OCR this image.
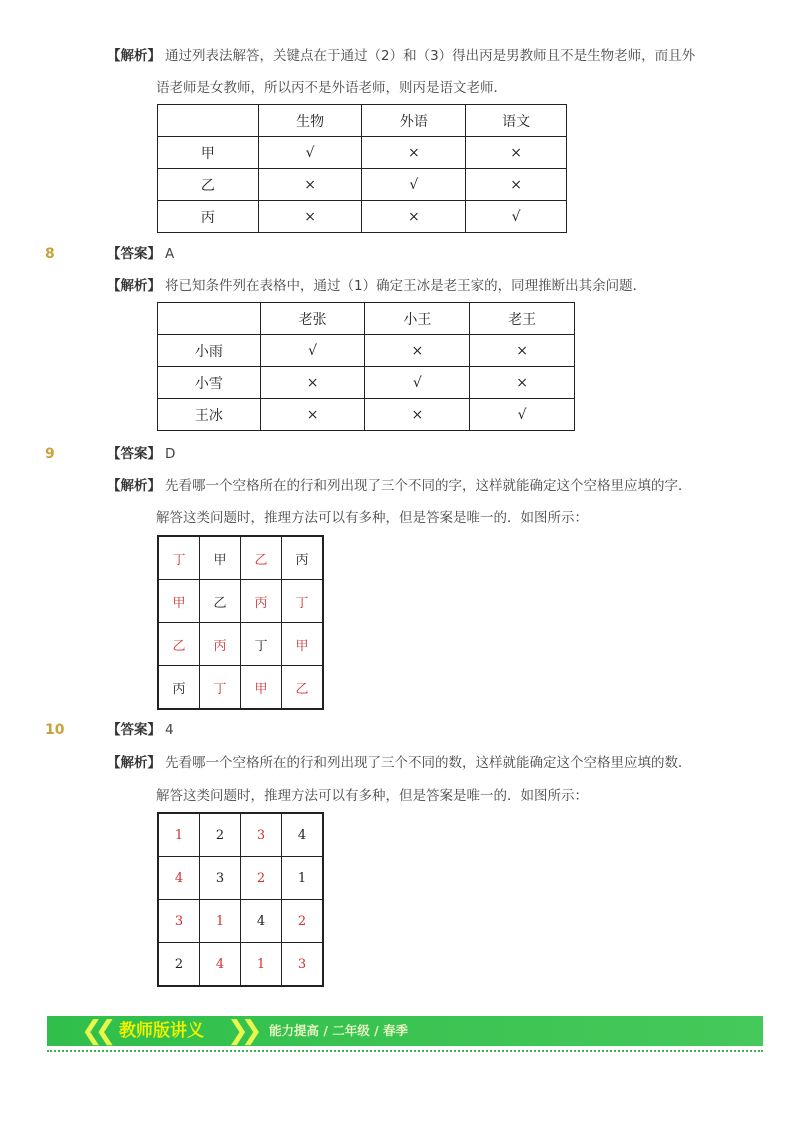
【解析】 通过列表法解答，关键点在于通过（2）和（3）得出丙是男教师且不是生物老师，而且外
语老师是女教师，所以丙不是外语老师，则丙是语文老师．
	生物	外语	语文
甲	√	×	×
乙	×	√	×
丙	×	×	√
8	【答案】 A
【解析】 将已知条件列在表格中，通过（1）确定王冰是老王家的，同理推断出其余问题．
	老张	小王	老王
小雨	√	×	×
小雪	×	√	×
王冰	×	×	√
9	【答案】 D
【解析】 先看哪一个空格所在的行和列出现了三个不同的字，这样就能确定这个空格里应填的字．
解答这类问题时，推理方法可以有多种，但是答案是唯一的．如图所示：
丁	甲	乙	丙
甲	乙	丙	丁
乙	丙	丁	甲
丙	丁	甲	乙
10	【答案】 4
【解析】 先看哪一个空格所在的行和列出现了三个不同的数，这样就能确定这个空格里应填的数．
解答这类问题时，推理方法可以有多种，但是答案是唯一的．如图所示：
1	2	3	4
4	3	2	1
3	1	4	2
2	4	1	3
❮❮ 教师版讲义 ❯❯ 能力提高 / 二年级 / 春季
